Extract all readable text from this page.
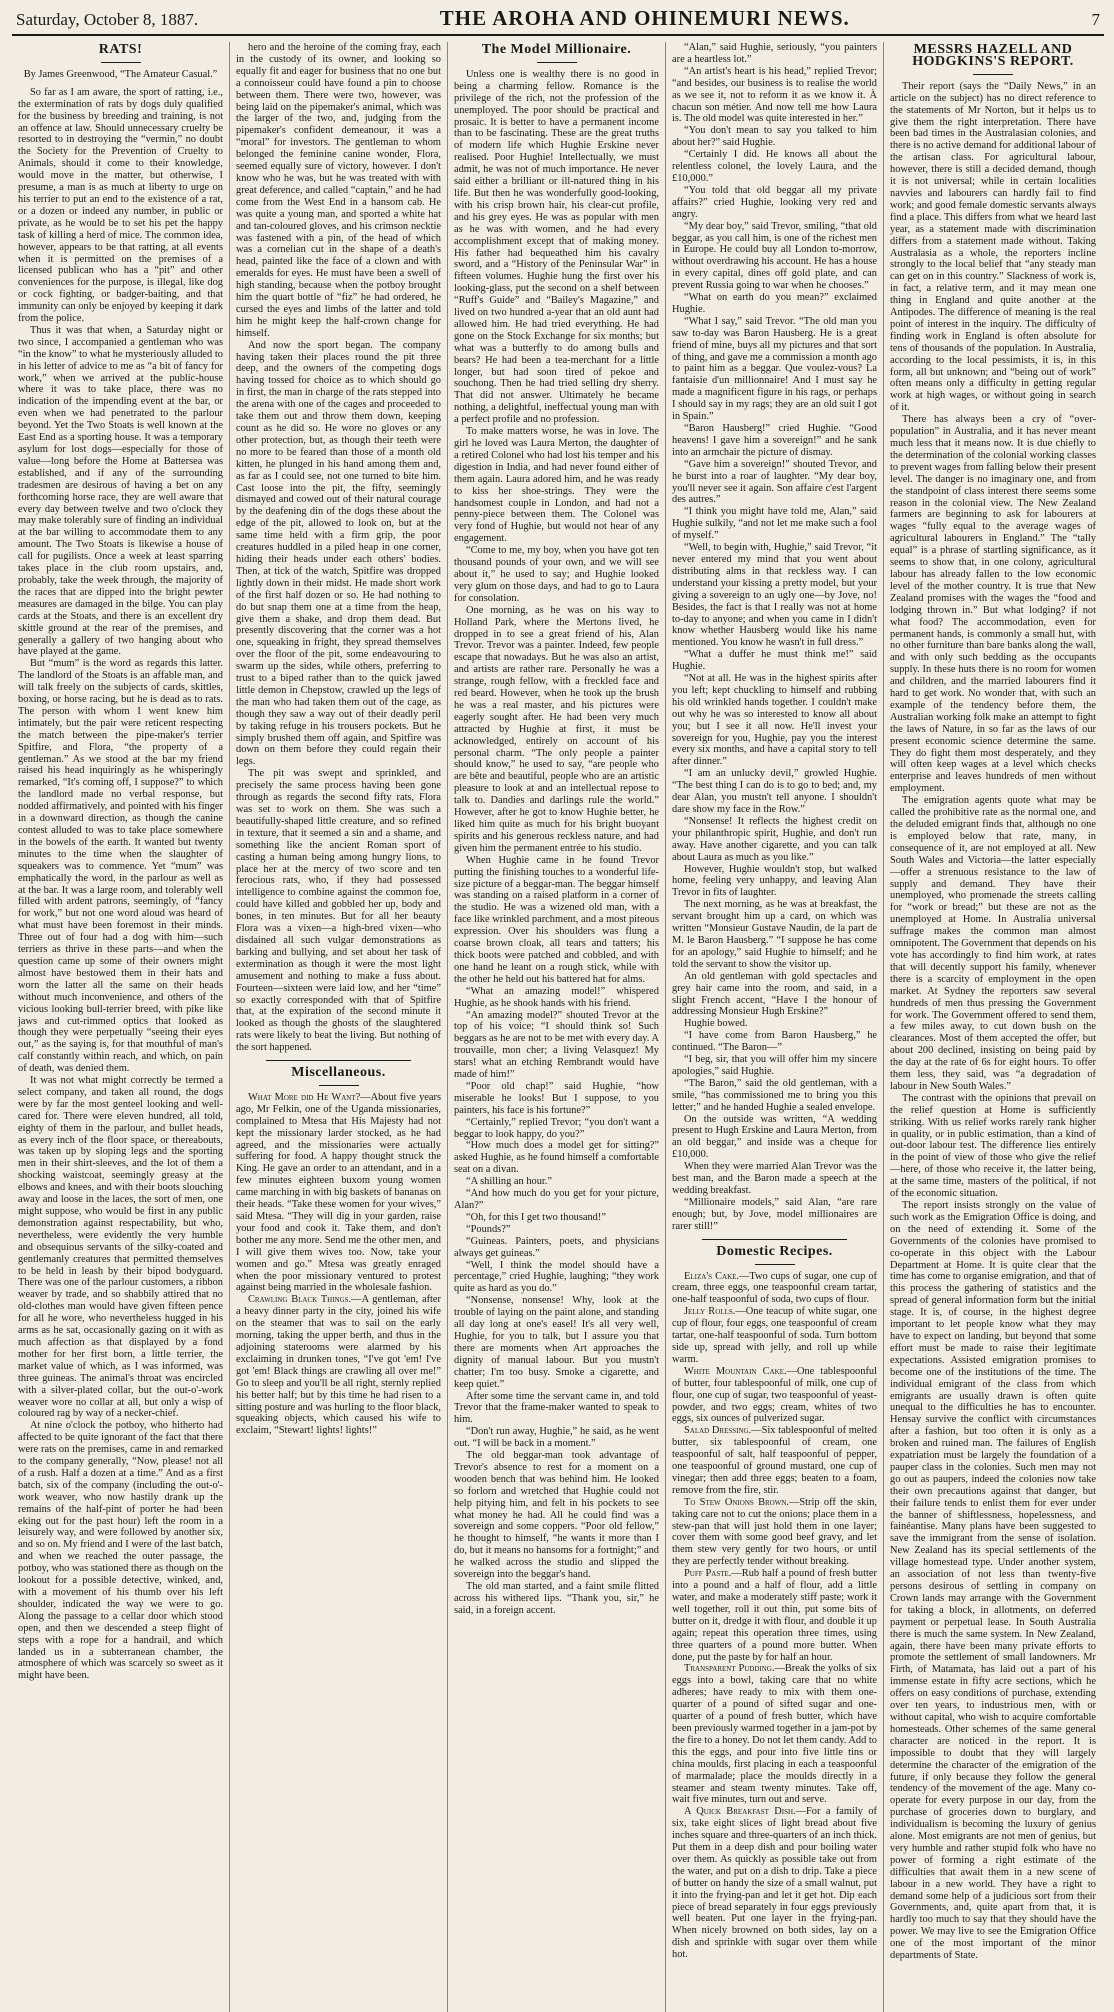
Saturday, October 8, 1887.	THE AROHA AND OHINEMURI NEWS.	7
RATS!
By James Greenwood, “The Amateur Casual.”

So far as I am aware, the sport of ratting, i.e., the extermination of rats by dogs duly qualified for the business by breeding and training, is not an offence at law. Should unnecessary cruelty be resorted to in destroying the “vermin,” no doubt the Society for the Prevention of Cruelty to Animals, should it come to their knowledge, would move in the matter, but otherwise, I presume, a man is as much at liberty to urge on his terrier to put an end to the existence of a rat, or a dozen or indeed any number, in public or private, as he would be to set his pet the happy task of killing a herd of mice. The common idea, however, appears to be that ratting, at all events when it is permitted on the premises of a licensed publican who has a “pit” and other conveniences for the purpose, is illegal, like dog or cock fighting, or badger-baiting, and that immunity can only be enjoyed by keeping it dark from the police.

Thus it was that when, a Saturday night or two since, I accompanied a gentleman who was “in the know” to what he mysteriously alluded to in his letter of advice to me as “a bit of fancy for work,” when we arrived at the public-house where it was to take place, there was no indication of the impending event at the bar, or even when we had penetrated to the parlour beyond. Yet the Two Stoats is well known at the East End as a sporting house. It was a temporary asylum for lost dogs—especially for those of value—long before the Home at Battersea was established, and if any of the surrounding tradesmen are desirous of having a bet on any forthcoming horse race, they are well aware that every day between twelve and two o'clock they may make tolerably sure of finding an individual at the bar willing to accommodate them to any amount. The Two Stoats is likewise a house of call for pugilists. Once a week at least sparring takes place in the club room upstairs, and, probably, take the week through, the majority of the races that are dipped into the bright pewter measures are damaged in the bilge. You can play cards at the Stoats, and there is an excellent dry skittle ground at the rear of the premises, and generally a gallery of two hanging about who have played at the game.

But “mum” is the word as regards this latter. The landlord of the Stoats is an affable man, and will talk freely on the subjects of cards, skittles, boxing, or horse racing, but he is dead as to rats. The person with whom I went knew him intimately, but the pair were reticent respecting the match between the pipe-maker's terrier Spitfire, and Flora, “the property of a gentleman.” As we stood at the bar my friend raised his head inquiringly as he whisperingly remarked, “It's coming off, I suppose?” to which the landlord made no verbal response, but nodded affirmatively, and pointed with his finger in a downward direction, as though the canine contest alluded to was to take place somewhere in the bowels of the earth. It wanted but twenty minutes to the time when the slaughter of squeakers was to commence. Yet “mum” was emphatically the word, in the parlour as well as at the bar. It was a large room, and tolerably well filled with ardent patrons, seemingly, of “fancy for work,” but not one word aloud was heard of what must have been foremost in their minds. Three out of four had a dog with him—such terriers as thrive in these parts—and when the question came up some of their owners might almost have bestowed them in their hats and worn the latter all the same on their heads without much inconvenience, and others of the vicious looking bull-terrier breed, with pike like jaws and cut-rimmed optics that looked as though they were perpetually “seeing their eyes out,” as the saying is, for that mouthful of man's calf constantly within reach, and which, on pain of death, was denied them.

It was not what might correctly be termed a select company, and taken all round, the dogs were by far the most genteel looking and well-cared for. There were eleven hundred, all told, eighty of them in the parlour, and bullet heads, as every inch of the floor space, or thereabouts, was taken up by sloping legs and the sporting men in their shirt-sleeves, and the lot of them a shocking waistcoat, seemingly greasy at the elbows and knees, and with their boots slouching away and loose in the laces, the sort of men, one might suppose, who would be first in any public demonstration against respectability, but who, nevertheless, were evidently the very humble and obsequious servants of the silky-coated and gentlemanly creatures that permitted themselves to be held in leash by their bipod bodyguard. There was one of the parlour customers, a ribbon weaver by trade, and so shabbily attired that no old-clothes man would have given fifteen pence for all he wore, who nevertheless hugged in his arms as he sat, occasionally gazing on it with as much affection as that displayed by a fond mother for her first born, a little terrier, the market value of which, as I was informed, was three guineas. The animal's throat was encircled with a silver-plated collar, but the out-o'-work weaver wore no collar at all, but only a wisp of coloured rag by way of a necker-chief.

At nine o'clock the potboy, who hitherto had affected to be quite ignorant of the fact that there were rats on the premises, came in and remarked to the company generally, “Now, please! not all of a rush. Half a dozen at a time.” And as a first batch, six of the company (including the out-o'-work weaver, who now hastily drank up the remains of the half-pint of porter he had been eking out for the past hour) left the room in a leisurely way, and were followed by another six, and so on. My friend and I were of the last batch, and when we reached the outer passage, the potboy, who was stationed there as though on the lookout for a possible detective, winked, and, with a movement of his thumb over his left shoulder, indicated the way we were to go. Along the passage to a cellar door which stood open, and then we descended a steep flight of steps with a rope for a handrail, and which landed us in a subterranean chamber, the atmosphere of which was scarcely so sweet as it might have been.

hero and the heroine of the coming fray, each in the custody of its owner, and looking so equally fit and eager for business that no one but a connoisseur could have found a pin to choose between them. There were two, however, was being laid on the pipemaker's animal, which was the larger of the two, and, judging from the pipemaker's confident demeanour, it was a “moral” for investors. The gentleman to whom belonged the feminine canine wonder, Flora, seemed equally sure of victory, however. I don't know who he was, but he was treated with with great deference, and called “captain,” and he had come from the West End in a hansom cab. He was quite a young man, and sported a white hat and tan-coloured gloves, and his crimson necktie was fastened with a pin, of the head of which was a cornelian cut in the shape of a death's head, painted like the face of a clown and with emeralds for eyes. He must have been a swell of high standing, because when the potboy brought him the quart bottle of “fiz” he had ordered, he cursed the eyes and limbs of the latter and told him he might keep the half-crown change for himself.

And now the sport began. The company having taken their places round the pit three deep, and the owners of the competing dogs having tossed for choice as to which should go in first, the man in charge of the rats stepped into the arena with one of the cages and proceeded to take them out and throw them down, keeping count as he did so. He wore no gloves or any other protection, but, as though their teeth were no more to be feared than those of a month old kitten, he plunged in his hand among them and, as far as I could see, not one turned to bite him. Cast loose into the pit, the fifty, seemingly dismayed and cowed out of their natural courage by the deafening din of the dogs these about the edge of the pit, allowed to look on, but at the same time held with a firm grip, the poor creatures huddled in a piled heap in one corner, hiding their heads under each others' bodies. Then, at tick of the watch, Spitfire was dropped lightly down in their midst. He made short work of the first half dozen or so. He had nothing to do but snap them one at a time from the heap, give them a shake, and drop them dead. But presently discovering that the corner was a hot one, squeaking in fright, they spread themselves over the floor of the pit, some endeavouring to swarm up the sides, while others, preferring to trust to a biped rather than to the quick jawed little demon in Chepstow, crawled up the legs of the man who had taken them out of the cage, as though they saw a way out of their deadly peril by taking refuge in his trousers pockets. But he simply brushed them off again, and Spitfire was down on them before they could regain their legs.

The pit was swept and sprinkled, and precisely the same process having been gone through as regards the second fifty rats, Flora was set to work on them. She was such a beautifully-shaped little creature, and so refined in texture, that it seemed a sin and a shame, and something like the ancient Roman sport of casting a human being among hungry lions, to place her at the mercy of two score and ten ferocious rats, who, if they had possessed intelligence to combine against the common foe, could have killed and gobbled her up, body and bones, in ten minutes. But for all her beauty Flora was a vixen—a high-bred vixen—who disdained all such vulgar demonstrations as barking and bullying, and set about her task of extermination as though it were the most light amusement and nothing to make a fuss about. Fourteen—sixteen were laid low, and her “time” so exactly corresponded with that of Spitfire that, at the expiration of the second minute it looked as though the ghosts of the slaughtered rats were likely to beat the living. But nothing of the sort happened.

Miscellaneous.

What More did He Want?—About five years ago, Mr Felkin, one of the Uganda missionaries, complained to Mtesa that His Majesty had not kept the missionary larder stocked, as he had agreed, and the missionaries were actually suffering for food. A happy thought struck the King. He gave an order to an attendant, and in a few minutes eighteen buxom young women came marching in with big baskets of bananas on their heads. “Take these women for your wives,” said Mtesa. “They will dig in your garden, raise your food and cook it. Take them, and don't bother me any more. Send me the other men, and I will give them wives too. Now, take your women and go.” Mtesa was greatly enraged when the poor missionary ventured to protest against being married in the wholesale fashion.

Crawling Black Things.—A gentleman, after a heavy dinner party in the city, joined his wife on the steamer that was to sail on the early morning, taking the upper berth, and thus in the adjoining staterooms were alarmed by his exclaiming in drunken tones, “I've got 'em! I've got 'em! Black things are crawling all over me!” Go to sleep and you'll be all right, sternly replied his better half; but by this time he had risen to a sitting posture and was hurling to the floor black, squeaking objects, which caused his wife to exclaim, “Stewart! lights! lights!”

The Model Millionaire.

Unless one is wealthy there is no good in being a charming fellow. Romance is the privilege of the rich, not the profession of the unemployed. The poor should be practical and prosaic. It is better to have a permanent income than to be fascinating. These are the great truths of modern life which Hughie Erskine never realised. Poor Hughie! Intellectually, we must admit, he was not of much importance. He never said either a brilliant or ill-natured thing in his life. But then he was wonderfully good-looking, with his crisp brown hair, his clear-cut profile, and his grey eyes. He was as popular with men as he was with women, and he had every accomplishment except that of making money. His father had bequeathed him his cavalry sword, and a “History of the Peninsular War” in fifteen volumes. Hughie hung the first over his looking-glass, put the second on a shelf between “Ruff's Guide” and “Bailey's Magazine,” and lived on two hundred a-year that an old aunt had allowed him. He had tried everything. He had gone on the Stock Exchange for six months; but what was a butterfly to do among bulls and bears? He had been a tea-merchant for a little longer, but had soon tired of pekoe and souchong. Then he had tried selling dry sherry. That did not answer. Ultimately he became nothing, a delightful, ineffectual young man with a perfect profile and no profession.

To make matters worse, he was in love. The girl he loved was Laura Merton, the daughter of a retired Colonel who had lost his temper and his digestion in India, and had never found either of them again. Laura adored him, and he was ready to kiss her shoe-strings. They were the handsomest couple in London, and had not a penny-piece between them. The Colonel was very fond of Hughie, but would not hear of any engagement.

“Come to me, my boy, when you have got ten thousand pounds of your own, and we will see about it,” he used to say; and Hughie looked very glum on those days, and had to go to Laura for consolation.

One morning, as he was on his way to Holland Park, where the Mertons lived, he dropped in to see a great friend of his, Alan Trevor. Trevor was a painter. Indeed, few people escape that nowadays. But he was also an artist, and artists are rather rare. Personally he was a strange, rough fellow, with a freckled face and red beard. However, when he took up the brush he was a real master, and his pictures were eagerly sought after. He had been very much attracted by Hughie at first, it must be acknowledged, entirely on account of his personal charm. “The only people a painter should know,” he used to say, “are people who are bête and beautiful, people who are an artistic pleasure to look at and an intellectual repose to talk to. Dandies and darlings rule the world.” However, after he got to know Hughie better, he liked him quite as much for his bright buoyant spirits and his generous reckless nature, and had given him the permanent entrée to his studio.

When Hughie came in he found Trevor putting the finishing touches to a wonderful life-size picture of a beggar-man. The beggar himself was standing on a raised platform in a corner of the studio. He was a wizened old man, with a face like wrinkled parchment, and a most piteous expression. Over his shoulders was flung a coarse brown cloak, all tears and tatters; his thick boots were patched and cobbled, and with one hand he leant on a rough stick, while with the other he held out his battered hat for alms.

“What an amazing model!” whispered Hughie, as he shook hands with his friend.

“An amazing model?” shouted Trevor at the top of his voice; “I should think so! Such beggars as he are not to be met with every day. A trouvaille, mon cher; a living Velasquez! My stars! what an etching Rembrandt would have made of him!”

“Poor old chap!” said Hughie, “how miserable he looks! But I suppose, to you painters, his face is his fortune?”

“Certainly,” replied Trevor; “you don't want a beggar to look happy, do you?”

“How much does a model get for sitting?” asked Hughie, as he found himself a comfortable seat on a divan.

“A shilling an hour.”

“And how much do you get for your picture, Alan?”

“Oh, for this I get two thousand!”

“Pounds?”

“Guineas. Painters, poets, and physicians always get guineas.”

“Well, I think the model should have a percentage,” cried Hughie, laughing; “they work quite as hard as you do.”

“Nonsense, nonsense! Why, look at the trouble of laying on the paint alone, and standing all day long at one's easel! It's all very well, Hughie, for you to talk, but I assure you that there are moments when Art approaches the dignity of manual labour. But you mustn't chatter; I'm too busy. Smoke a cigarette, and keep quiet.”

After some time the servant came in, and told Trevor that the frame-maker wanted to speak to him.

“Don't run away, Hughie,” he said, as he went out. “I will be back in a moment.”

The old beggar-man took advantage of Trevor's absence to rest for a moment on a wooden bench that was behind him. He looked so forlorn and wretched that Hughie could not help pitying him, and felt in his pockets to see what money he had. All he could find was a sovereign and some coppers. “Poor old fellow,” he thought to himself, “he wants it more than I do, but it means no hansoms for a fortnight;” and he walked across the studio and slipped the sovereign into the beggar's hand.

The old man started, and a faint smile flitted across his withered lips. “Thank you, sir,” he said, in a foreign accent.

“Alan,” said Hughie, seriously, “you painters are a heartless lot.”

“An artist's heart is his head,” replied Trevor; “and besides, our business is to realise the world as we see it, not to reform it as we know it. À chacun son métier. And now tell me how Laura is. The old model was quite interested in her.”

“You don't mean to say you talked to him about her?” said Hughie.

“Certainly I did. He knows all about the relentless colonel, the lovely Laura, and the £10,000.”

“You told that old beggar all my private affairs?” cried Hughie, looking very red and angry.

“My dear boy,” said Trevor, smiling, “that old beggar, as you call him, is one of the richest men in Europe. He could buy all London to-morrow, without overdrawing his account. He has a house in every capital, dines off gold plate, and can prevent Russia going to war when he chooses.”

“What on earth do you mean?” exclaimed Hughie.

“What I say,” said Trevor. “The old man you saw to-day was Baron Hausberg. He is a great friend of mine, buys all my pictures and that sort of thing, and gave me a commission a month ago to paint him as a beggar. Que voulez-vous? La fantaisie d'un millionnaire! And I must say he made a magnificent figure in his rags, or perhaps I should say in my rags; they are an old suit I got in Spain.”

“Baron Hausberg!” cried Hughie. “Good heavens! I gave him a sovereign!” and he sank into an armchair the picture of dismay.

“Gave him a sovereign!” shouted Trevor, and he burst into a roar of laughter. “My dear boy, you'll never see it again. Son affaire c'est l'argent des autres.”

“I think you might have told me, Alan,” said Hughie sulkily, “and not let me make such a fool of myself.”

“Well, to begin with, Hughie,” said Trevor, “it never entered my mind that you went about distributing alms in that reckless way. I can understand your kissing a pretty model, but your giving a sovereign to an ugly one—by Jove, no! Besides, the fact is that I really was not at home to-day to anyone; and when you came in I didn't know whether Hausberg would like his name mentioned. You know he wasn't in full dress.”

“What a duffer he must think me!” said Hughie.

“Not at all. He was in the highest spirits after you left; kept chuckling to himself and rubbing his old wrinkled hands together. I couldn't make out why he was so interested to know all about you; but I see it all now. He'll invest your sovereign for you, Hughie, pay you the interest every six months, and have a capital story to tell after dinner.”

“I am an unlucky devil,” growled Hughie. “The best thing I can do is to go to bed; and, my dear Alan, you mustn't tell anyone. I shouldn't dare show my face in the Row.”

“Nonsense! It reflects the highest credit on your philanthropic spirit, Hughie, and don't run away. Have another cigarette, and you can talk about Laura as much as you like.”

However, Hughie wouldn't stop, but walked home, feeling very unhappy, and leaving Alan Trevor in fits of laughter.

The next morning, as he was at breakfast, the servant brought him up a card, on which was written “Monsieur Gustave Naudin, de la part de M. le Baron Hausberg.” “I suppose he has come for an apology,” said Hughie to himself; and he told the servant to show the visitor up.

An old gentleman with gold spectacles and grey hair came into the room, and said, in a slight French accent, “Have I the honour of addressing Monsieur Hugh Erskine?”

Hughie bowed.

“I have come from Baron Hausberg,” he continued. “The Baron—”

“I beg, sir, that you will offer him my sincere apologies,” said Hughie.

“The Baron,” said the old gentleman, with a smile, “has commissioned me to bring you this letter;” and he handed Hughie a sealed envelope.

On the outside was written, “A wedding present to Hugh Erskine and Laura Merton, from an old beggar,” and inside was a cheque for £10,000.

When they were married Alan Trevor was the best man, and the Baron made a speech at the wedding breakfast.

“Millionaire models,” said Alan, “are rare enough; but, by Jove, model millionaires are rarer still!”

Domestic Recipes.

Eliza's Cake.—Two cups of sugar, one cup of cream, three eggs, one teaspoonful cream tartar, one-half teaspoonful of soda, two cups of flour.

Jelly Rolls.—One teacup of white sugar, one cup of flour, four eggs, one teaspoonful of cream tartar, one-half teaspoonful of soda. Turn bottom side up, spread with jelly, and roll up while warm.

White Mountain Cake.—One tablespoonful of butter, four tablespoonful of milk, one cup of flour, one cup of sugar, two teaspoonful of yeast-powder, and two eggs; cream, whites of two eggs, six ounces of pulverized sugar.

Salad Dressing.—Six tablespoonful of melted butter, six tablespoonful of cream, one teaspoonful of salt, half teaspoonful of pepper, one teaspoonful of ground mustard, one cup of vinegar; then add three eggs; beaten to a foam, remove from the fire, stir.

To Stew Onions Brown.—Strip off the skin, taking care not to cut the onions; place them in a stew-pan that will just hold them in one layer; cover them with some good beef gravy, and let them stew very gently for two hours, or until they are perfectly tender without breaking.

Puff Paste.—Rub half a pound of fresh butter into a pound and a half of flour, add a little water, and make a moderately stiff paste; work it well together, roll it out thin, put some bits of butter on it, dredge it with flour, and double it up again; repeat this operation three times, using three quarters of a pound more butter. When done, put the paste by for half an hour.

Transparent Pudding.—Break the yolks of six eggs into a bowl, taking care that no white adheres; have ready to mix with them one-quarter of a pound of sifted sugar and one-quarter of a pound of fresh butter, which have been previously warmed together in a jam-pot by the fire to a honey. Do not let them candy. Add to this the eggs, and pour into five little tins or china moulds, first placing in each a teaspoonful of marmalade; place the moulds directly in a steamer and steam twenty minutes. Take off, wait five minutes, turn out and serve.

A Quick Breakfast Dish.—For a family of six, take eight slices of light bread about five inches square and three-quarters of an inch thick. Put them in a deep dish and pour boiling water over them. As quickly as possible take out from the water, and put on a dish to drip. Take a piece of butter on handy the size of a small walnut, put it into the frying-pan and let it get hot. Dip each piece of bread separately in four eggs previously well beaten. Put one layer in the frying-pan. When nicely browned on both sides, lay on a dish and sprinkle with sugar over them while hot.

MESSRS HAZELL AND HODGKINS'S REPORT.

Their report (says the “Daily News,” in an article on the subject) has no direct reference to the statements of Mr Norton, but it helps us to give them the right interpretation. There have been bad times in the Australasian colonies, and there is no active demand for additional labour of the artisan class. For agricultural labour, however, there is still a decided demand, though it is not universal; while in certain localities navvies and labourers can hardly fail to find work; and good female domestic servants always find a place. This differs from what we heard last year, as a statement made with discrimination differs from a statement made without. Taking Australasia as a whole, the reporters incline strongly to the local belief that “any steady man can get on in this country.” Slackness of work is, in fact, a relative term, and it may mean one thing in England and quite another at the Antipodes. The difference of meaning is the real point of interest in the inquiry. The difficulty of finding work in England is often absolute for tens of thousands of the population. In Australia, according to the local pessimists, it is, in this form, all but unknown; and “being out of work” often means only a difficulty in getting regular work at high wages, or without going in search of it.

There has always been a cry of “over-population” in Australia, and it has never meant much less that it means now. It is due chiefly to the determination of the colonial working classes to prevent wages from falling below their present level. The danger is no imaginary one, and from the standpoint of class interest there seems some reason in the colonial view. The New Zealand farmers are beginning to ask for labourers at wages “fully equal to the average wages of agricultural labourers in England.” The “tally equal” is a phrase of startling significance, as it seems to show that, in one colony, agricultural labour has already fallen to the low economic level of the mother country. It is true that New Zealand promises with the wages the “food and lodging thrown in.” But what lodging? if not what food? The accommodation, even for permanent hands, is commonly a small hut, with no other furniture than bare banks along the wall, and with only such bedding as the occupants supply. In these huts there is no room for women and children, and the married labourers find it hard to get work. No wonder that, with such an example of the tendency before them, the Australian working folk make an attempt to fight the laws of Nature, in so far as the laws of our present economic science determine the same. They do fight them most desperately, and they will often keep wages at a level which checks enterprise and leaves hundreds of men without employment.

The emigration agents quote what may be called the prohibitive rate as the normal one, and the deluded emigrant finds that, although no one is employed below that rate, many, in consequence of it, are not employed at all. New South Wales and Victoria—the latter especially—offer a strenuous resistance to the law of supply and demand. They have their unemployed, who promenade the streets calling for “work or bread;” but these are not as the unemployed at Home. In Australia universal suffrage makes the common man almost omnipotent. The Government that depends on his vote has accordingly to find him work, at rates that will decently support his family, whenever there is a scarcity of employment in the open market. At Sydney the reporters saw several hundreds of men thus pressing the Government for work. The Government offered to send them, a few miles away, to cut down bush on the clearances. Most of them accepted the offer, but about 200 declined, insisting on being paid by the day at the rate of 6s for eight hours. To offer them less, they said, was “a degradation of labour in New South Wales.”

The contrast with the opinions that prevail on the relief question at Home is sufficiently striking. With us relief works rarely rank higher in quality, or in public estimation, than a kind of out-door labour test. The difference lies entirely in the point of view of those who give the relief—here, of those who receive it, the latter being, at the same time, masters of the political, if not of the economic situation.

The report insists strongly on the value of such work as the Emigration Office is doing, and on the need of extending it. Some of the Governments of the colonies have promised to co-operate in this object with the Labour Department at Home. It is quite clear that the time has come to organise emigration, and that of this process the gathering of statistics and the spread of general information form but the initial stage. It is, of course, in the highest degree important to let people know what they may have to expect on landing, but beyond that some effort must be made to raise their legitimate expectations. Assisted emigration promises to become one of the institutions of the time. The individual emigrant of the class from which emigrants are usually drawn is often quite unequal to the difficulties he has to encounter. Hensay survive the conflict with circumstances after a fashion, but too often it is only as a broken and ruined man. The failures of English expatriation must be largely the foundation of a pauper class in the colonies. Such men may not go out as paupers, indeed the colonies now take their own precautions against that danger, but their failure tends to enlist them for ever under the banner of shiftlessness, hopelessness, and fainéantise. Many plans have been suggested to save the immigrant from the sense of isolation. New Zealand has its special settlements of the village homestead type. Under another system, an association of not less than twenty-five persons desirous of settling in company on Crown lands may arrange with the Government for taking a block, in allotments, on deferred payment or perpetual lease. In South Australia there is much the same system. In New Zealand, again, there have been many private efforts to promote the settlement of small landowners. Mr Firth, of Matamata, has laid out a part of his immense estate in fifty acre sections, which he offers on easy conditions of purchase, extending over ten years, to industrious men, with or without capital, who wish to acquire comfortable homesteads. Other schemes of the same general character are noticed in the report. It is impossible to doubt that they will largely determine the character of the emigration of the future, if only because they follow the general tendency of the movement of the age. Many co-operate for every purpose in our day, from the purchase of groceries down to burglary, and individualism is becoming the luxury of genius alone. Most emigrants are not men of genius, but very humble and rather stupid folk who have no power of forming a right estimate of the difficulties that await them in a new scene of labour in a new world. They have a right to demand some help of a judicious sort from their Governments, and, quite apart from that, it is hardly too much to say that they should have the power. We may live to see the Emigration Office one of the most important of the minor departments of State.
